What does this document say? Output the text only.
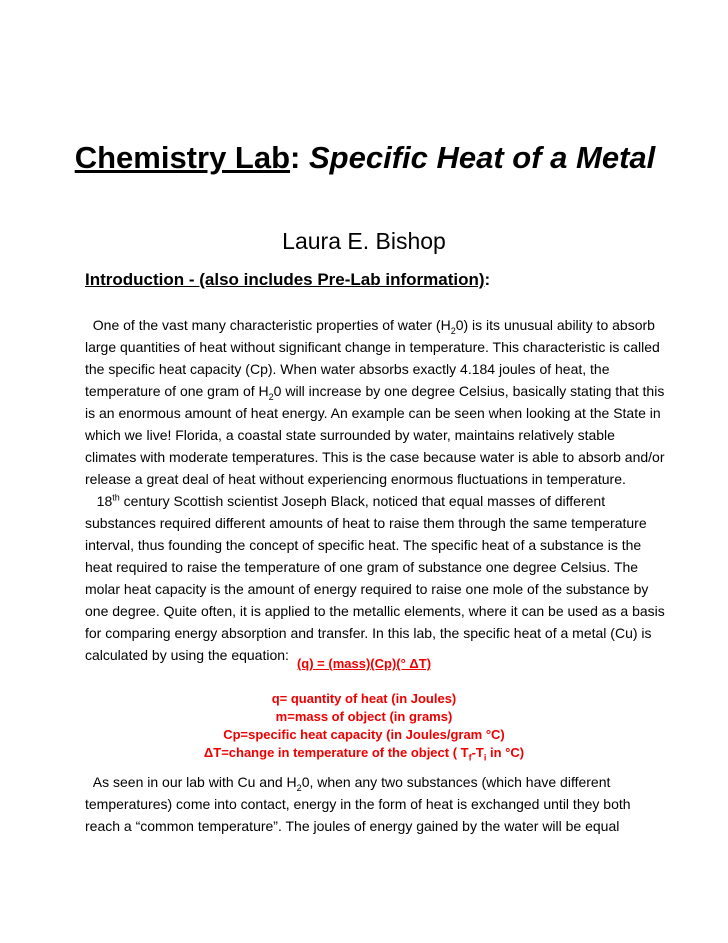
Chemistry Lab: Specific Heat of a Metal
Laura E. Bishop
Introduction - (also includes Pre-Lab information):

One of the vast many characteristic properties of water $(H_20)$ is its unusual ability to absorb large quantities of heat without significant change in temperature. This characteristic is called the specific heat capacity (Cp). When water absorbs exactly 4.184 joules of heat, the temperature of one gram of $H_20$ will increase by one degree Celsius, basically stating that this is an enormous amount of heat energy. An example can be seen when looking at the State in which we live! Florida, a coastal state surrounded by water, maintains relatively stable climates with moderate temperatures. This is the case because water is able to absorb and/or release a great deal of heat without experiencing enormous fluctuations in temperature.

18th century Scottish scientist Joseph Black, noticed that equal masses of different substances required different amounts of heat to raise them through the same temperature interval, thus founding the concept of specific heat. The specific heat of a substance is the heat required to raise the temperature of one gram of substance one degree Celsius. The molar heat capacity is the amount of energy required to raise one mole of the substance by one degree. Quite often, it is applied to the metallic elements, where it can be used as a basis for comparing energy absorption and transfer. In this lab, the specific heat of a metal (Cu) is calculated by using the equation:

(q) = (mass)(Cp)(° ΔT)
q= quantity of heat (in Joules)
m=mass of object (in grams)
Cp=specific heat capacity (in Joules/gram °C)
ΔT=change in temperature of the object ( $T_f-T_i$ in °C)

As seen in our lab with Cu and $H_20$, when any two substances (which have different temperatures) come into contact, energy in the form of heat is exchanged until they both reach a “common temperature”. The joules of energy gained by the water will be equal
